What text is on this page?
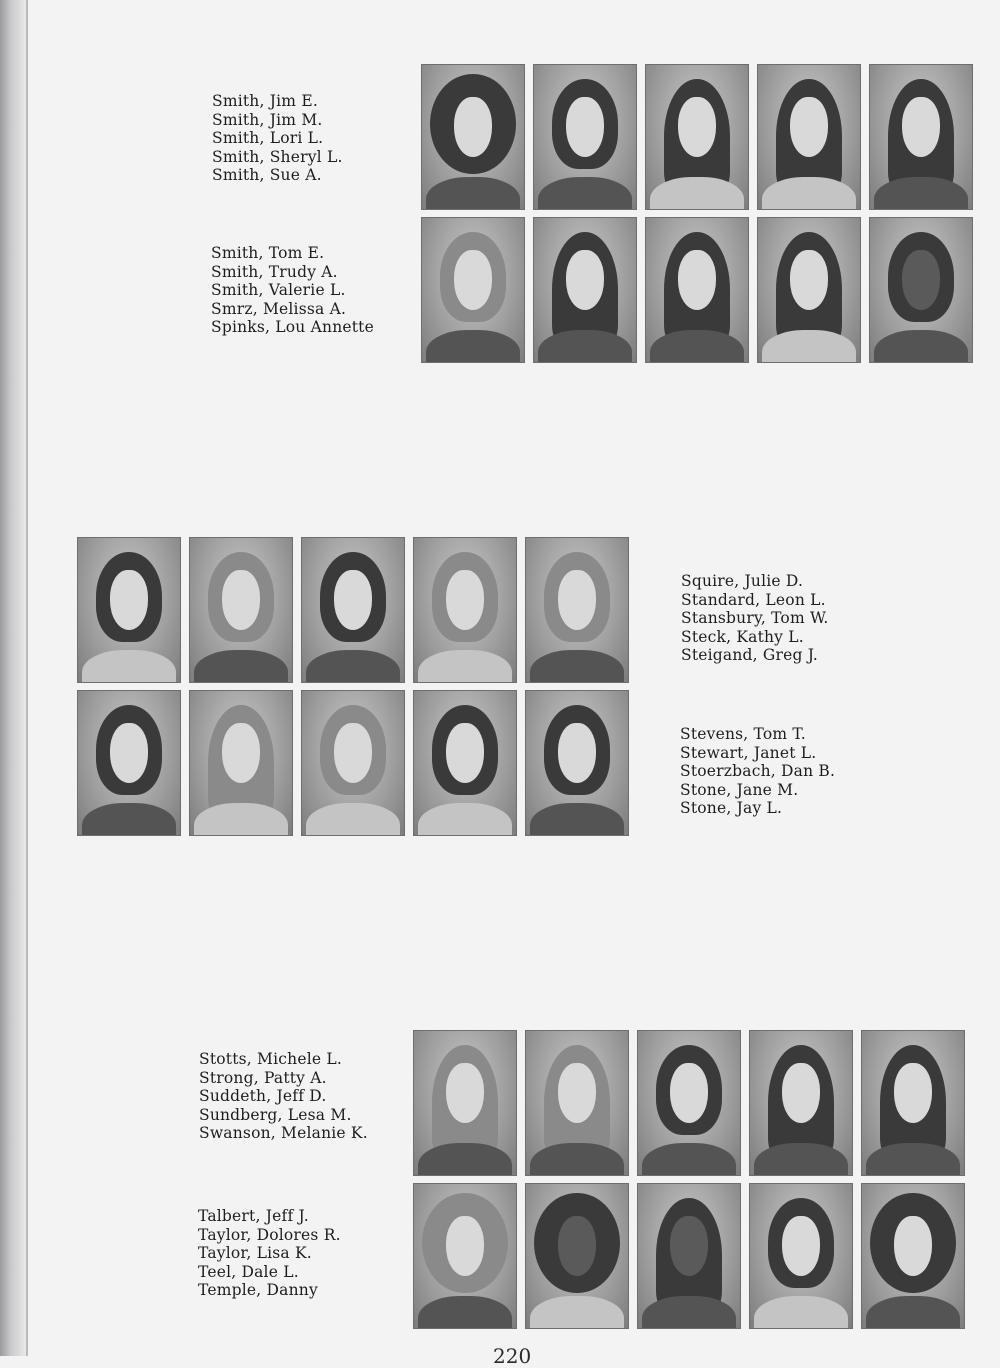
Smith, Jim E.
Smith, Jim M.
Smith, Lori L.
Smith, Sheryl L.
Smith, Sue A.
Smith, Tom E.
Smith, Trudy A.
Smith, Valerie L.
Smrz, Melissa A.
Spinks, Lou Annette
Squire, Julie D.
Standard, Leon L.
Stansbury, Tom W.
Steck, Kathy L.
Steigand, Greg J.
Stevens, Tom T.
Stewart, Janet L.
Stoerzbach, Dan B.
Stone, Jane M.
Stone, Jay L.
Stotts, Michele L.
Strong, Patty A.
Suddeth, Jeff D.
Sundberg, Lesa M.
Swanson, Melanie K.
Talbert, Jeff J.
Taylor, Dolores R.
Taylor, Lisa K.
Teel, Dale L.
Temple, Danny
220
